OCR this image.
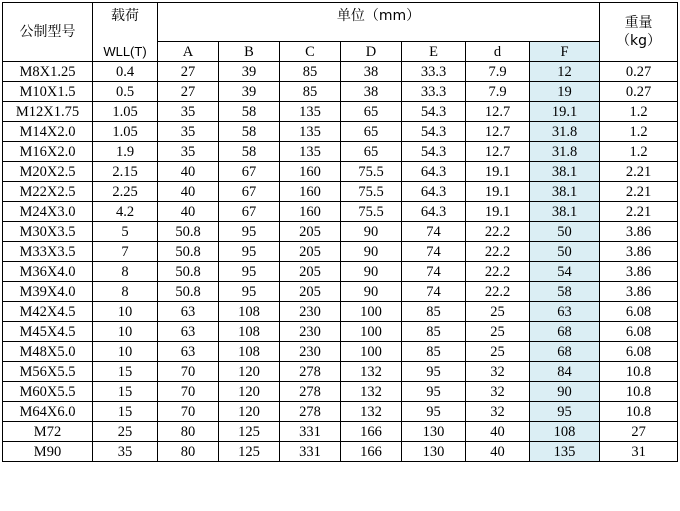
公制型号	载荷	单位（mm）							重量（kg）
	WLL(T)	A	B	C	D	E	d	F	
M8X1.25	0.4	27	39	85	38	33.3	7.9	12	0.27
M10X1.5	0.5	27	39	85	38	33.3	7.9	19	0.27
M12X1.75	1.05	35	58	135	65	54.3	12.7	19.1	1.2
M14X2.0	1.05	35	58	135	65	54.3	12.7	31.8	1.2
M16X2.0	1.9	35	58	135	65	54.3	12.7	31.8	1.2
M20X2.5	2.15	40	67	160	75.5	64.3	19.1	38.1	2.21
M22X2.5	2.25	40	67	160	75.5	64.3	19.1	38.1	2.21
M24X3.0	4.2	40	67	160	75.5	64.3	19.1	38.1	2.21
M30X3.5	5	50.8	95	205	90	74	22.2	50	3.86
M33X3.5	7	50.8	95	205	90	74	22.2	50	3.86
M36X4.0	8	50.8	95	205	90	74	22.2	54	3.86
M39X4.0	8	50.8	95	205	90	74	22.2	58	3.86
M42X4.5	10	63	108	230	100	85	25	63	6.08
M45X4.5	10	63	108	230	100	85	25	68	6.08
M48X5.0	10	63	108	230	100	85	25	68	6.08
M56X5.5	15	70	120	278	132	95	32	84	10.8
M60X5.5	15	70	120	278	132	95	32	90	10.8
M64X6.0	15	70	120	278	132	95	32	95	10.8
M72	25	80	125	331	166	130	40	108	27
M90	35	80	125	331	166	130	40	135	31
